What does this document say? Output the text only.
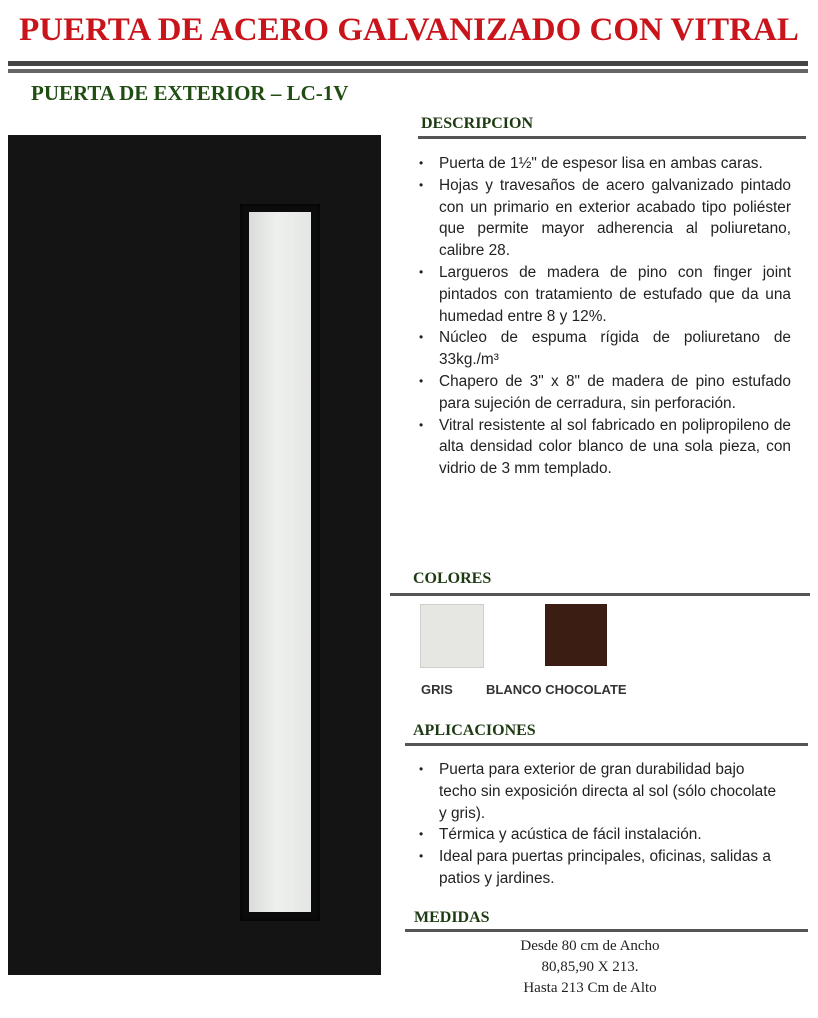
PUERTA DE ACERO GALVANIZADO CON VITRAL
PUERTA DE EXTERIOR – LC-1V
DESCRIPCION
• Puerta de 1½" de espesor lisa en ambas caras.
• Hojas y travesaños de acero galvanizado pintado con un primario en exterior acabado tipo poliéster que permite mayor adherencia al poliuretano, calibre 28.
• Largueros de madera de pino con finger joint pintados con tratamiento de estufado que da una humedad entre 8 y 12%.
• Núcleo de espuma rígida de poliuretano de 33kg./m³
• Chapero de 3" x 8" de madera de pino estufado para sujeción de cerradura, sin perforación.
• Vitral resistente al sol fabricado en polipropileno de alta densidad color blanco de una sola pieza, con vidrio de 3 mm templado.
COLORES
GRIS	BLANCO CHOCOLATE
APLICACIONES
• Puerta para exterior de gran durabilidad bajo techo sin exposición directa al sol (sólo chocolate y gris).
• Térmica y acústica de fácil instalación.
• Ideal para puertas principales, oficinas, salidas a patios y jardines.
MEDIDAS
Desde 80 cm de Ancho
80,85,90 X 213.
Hasta 213 Cm de Alto
